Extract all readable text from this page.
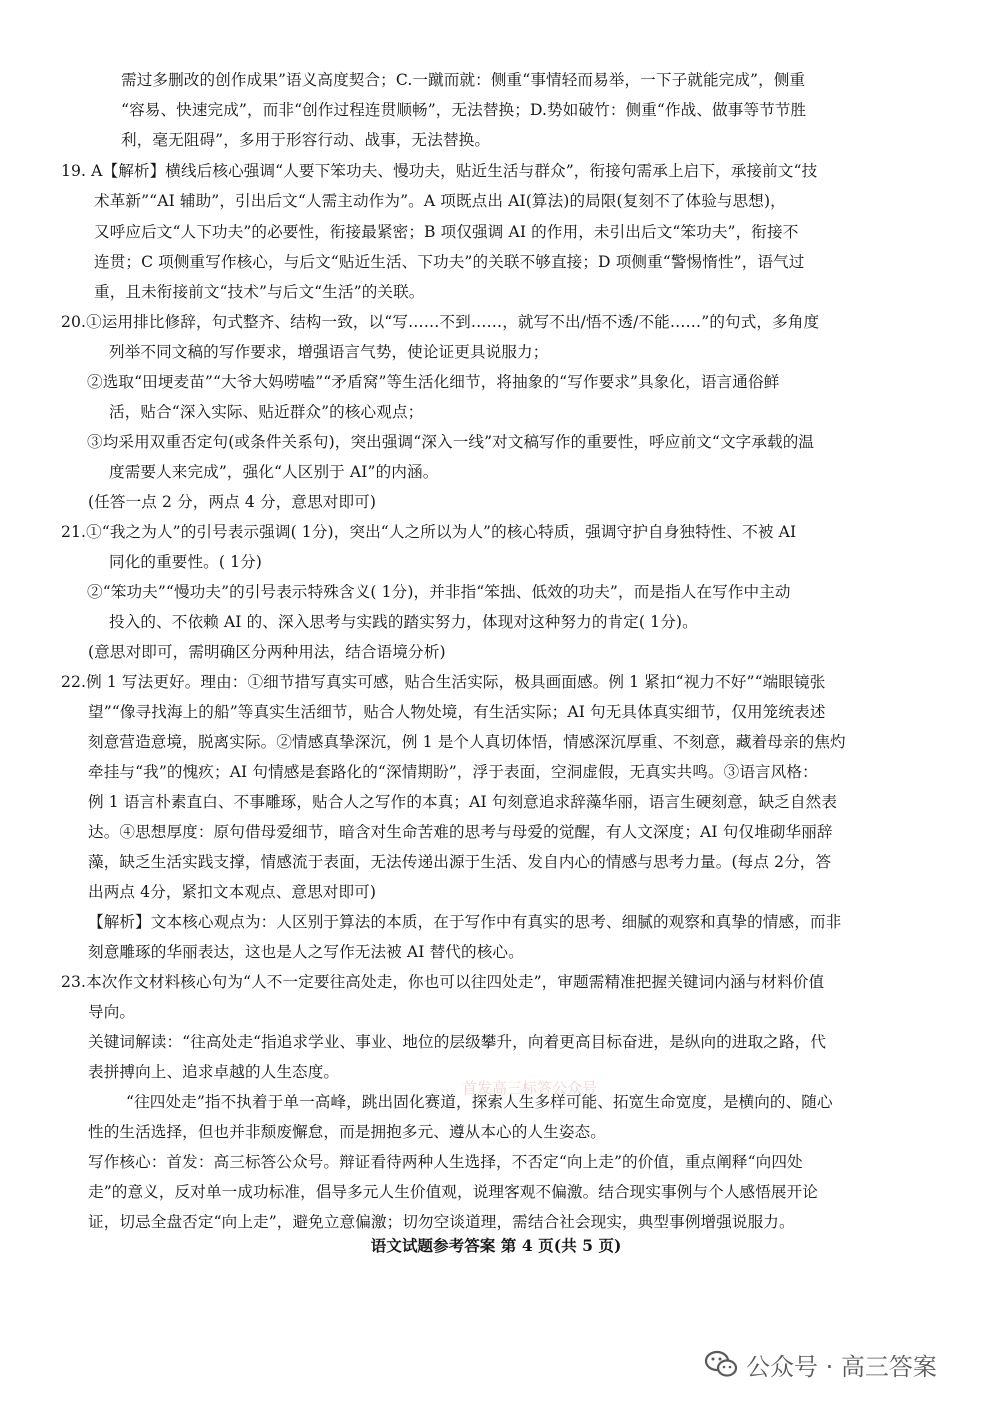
需过多删改的创作成果”语义高度契合；C.一蹴而就：侧重“事情轻而易举，一下子就能完成”，侧重
“容易、快速完成”，而非“创作过程连贯顺畅”，无法替换；D.势如破竹：侧重“作战、做事等节节胜
利，毫无阻碍”，多用于形容行动、战事，无法替换。
19. A【解析】横线后核心强调“人要下笨功夫、慢功夫，贴近生活与群众”，衔接句需承上启下，承接前文“技
术革新”“AI 辅助”，引出后文“人需主动作为”。A 项既点出 AI(算法)的局限(复刻不了体验与思想)，
又呼应后文“人下功夫”的必要性，衔接最紧密；B 项仅强调 AI 的作用，未引出后文“笨功夫”，衔接不
连贯；C 项侧重写作核心，与后文“贴近生活、下功夫”的关联不够直接；D 项侧重“警惕惰性”，语气过
重，且未衔接前文“技术”与后文“生活”的关联。
20.①运用排比修辞，句式整齐、结构一致，以“写……不到……，就写不出/悟不透/不能……”的句式，多角度
列举不同文稿的写作要求，增强语言气势，使论证更具说服力；
②选取“田埂麦苗”“大爷大妈唠嗑”“矛盾窝”等生活化细节，将抽象的“写作要求”具象化，语言通俗鲜
活，贴合“深入实际、贴近群众”的核心观点；
③均采用双重否定句(或条件关系句)，突出强调“深入一线”对文稿写作的重要性，呼应前文“文字承载的温
度需要人来完成”，强化“人区别于 AI”的内涵。
(任答一点 2 分，两点 4 分，意思对即可)
21.①“我之为人”的引号表示强调( 1分)，突出“人之所以为人”的核心特质，强调守护自身独特性、不被 AI
同化的重要性。( 1分)
②“笨功夫”“慢功夫”的引号表示特殊含义( 1分)，并非指“笨拙、低效的功夫”，而是指人在写作中主动
投入的、不依赖 AI 的、深入思考与实践的踏实努力，体现对这种努力的肯定( 1分)。
(意思对即可，需明确区分两种用法，结合语境分析)
22.例 1 写法更好。理由：①细节措写真实可感，贴合生活实际，极具画面感。例 1 紧扣“视力不好”“端眼镜张
望”“像寻找海上的船”等真实生活细节，贴合人物处境，有生活实际；AI 句无具体真实细节，仅用笼统表述
刻意营造意境，脱离实际。②情感真挚深沉，例 1 是个人真切体悟，情感深沉厚重、不刻意，藏着母亲的焦灼
牵挂与“我”的愧疚；AI 句情感是套路化的“深情期盼”，浮于表面，空洞虚假，无真实共鸣。③语言风格：
例 1 语言朴素直白、不事雕琢，贴合人之写作的本真；AI 句刻意追求辞藻华丽，语言生硬刻意，缺乏自然表
达。④思想厚度：原句借母爱细节，暗含对生命苦难的思考与母爱的觉醒，有人文深度；AI 句仅堆砌华丽辞
藻，缺乏生活实践支撑，情感流于表面，无法传递出源于生活、发自内心的情感与思考力量。(每点 2分，答
出两点 4分，紧扣文本观点、意思对即可)
【解析】文本核心观点为：人区别于算法的本质，在于写作中有真实的思考、细腻的观察和真挚的情感，而非
刻意雕琢的华丽表达，这也是人之写作无法被 AI 替代的核心。
23.本次作文材料核心句为“人不一定要往高处走，你也可以往四处走”，审题需精准把握关键词内涵与材料价值
导向。
关键词解读：“往高处走“指追求学业、事业、地位的层级攀升，向着更高目标奋进，是纵向的进取之路，代
表拼搏向上、追求卓越的人生态度。
“往四处走”指不执着于单一高峰，跳出固化赛道，探索人生多样可能、拓宽生命宽度，是横向的、随心
性的生活选择，但也并非颓废懈怠，而是拥抱多元、遵从本心的人生姿态。
写作核心：首发：高三标答公众号。辩证看待两种人生选择，不否定“向上走”的价值，重点阐释“向四处
走”的意义，反对单一成功标准，倡导多元人生价值观，说理客观不偏激。结合现实事例与个人感悟展开论
证，切忌全盘否定“向上走”，避免立意偏激；切勿空谈道理，需结合社会现实，典型事例增强说服力。
首发高三标答公众号
语文试题参考答案 第 4 页(共 5 页)
公众号 · 高三答案
